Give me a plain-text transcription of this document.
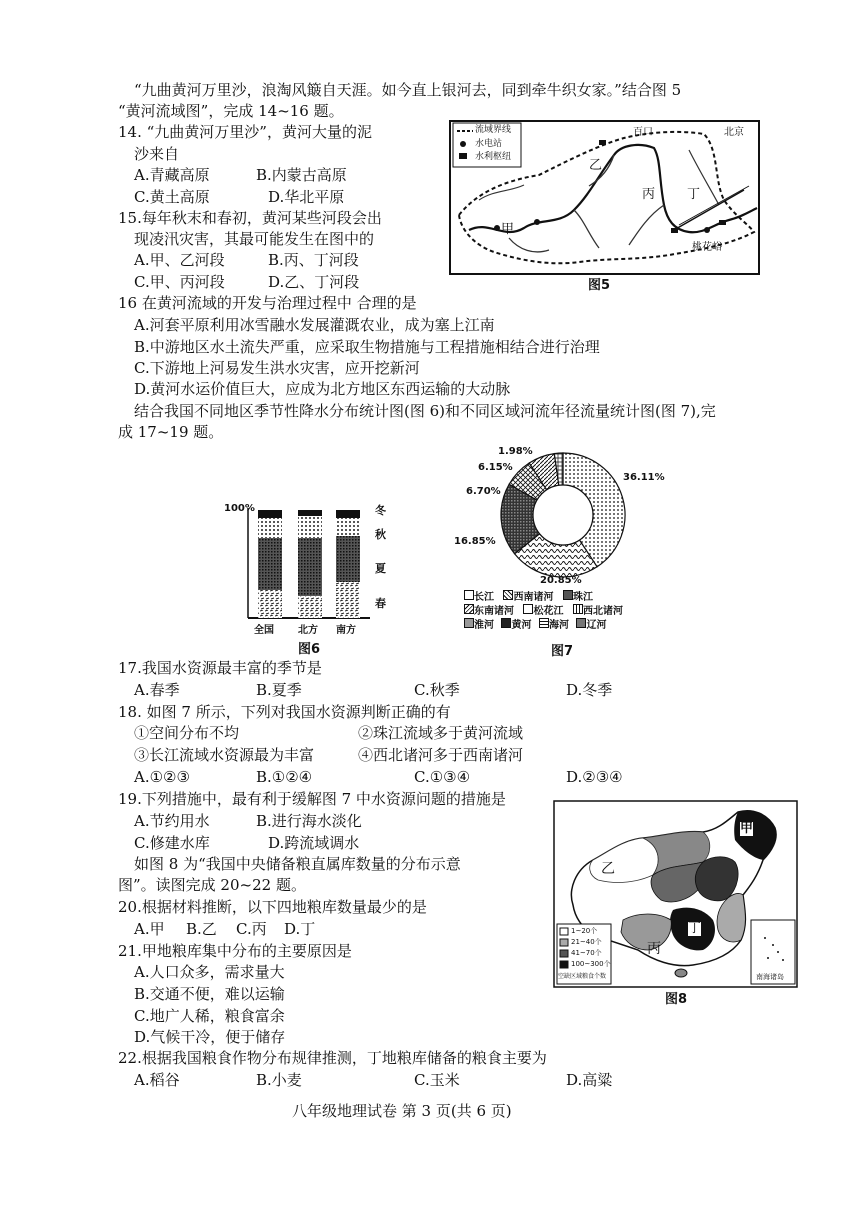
“九曲黄河万里沙，浪淘风簸自天涯。如今直上银河去，同到牵牛织女家。”结合图 5
“黄河流域图”，完成 14~16 题。
14. “九曲黄河万里沙”，黄河大量的泥
沙来自
A.青藏高原	B.内蒙古高原
C.黄土高原	D.华北平原
15.每年秋末和春初，黄河某些河段会出
现凌汛灾害，其最可能发生在图中的
A.甲、乙河段	B.丙、丁河段
C.甲、丙河段	D.乙、丁河段
流域界线
水电站
水利枢纽
百口	北京
桃花峪
甲
乙
丙 丁
图5
16 在黄河流域的开发与治理过程中 合理的是
A.河套平原利用冰雪融水发展灌溉农业，成为塞上江南
B.中游地区水土流失严重，应采取生物措施与工程措施相结合进行治理
C.下游地上河易发生洪水灾害，应开挖新河
D.黄河水运价值巨大，应成为北方地区东西运输的大动脉
结合我国不同地区季节性降水分布统计图(图 6)和不同区域河流年径流量统计图(图 7),完
成 17~19 题。
100%	冬
秋
夏
春
全国 北方 南方
图6
1.98%
6.15%
6.70%
16.85%
20.85%
36.11%
长江 西南诸河 珠江
东南诸河 松花江 西北诸河
淮河 黄河 海河 辽河
图7
17.我国水资源最丰富的季节是
A.春季	B.夏季	C.秋季	D.冬季
18. 如图 7 所示，下列对我国水资源判断正确的有
①空间分布不均	②珠江流域多于黄河流域
③长江流域水资源最为丰富	④西北诸河多于西南诸河
A.①②③	B.①②④	C.①③④	D.②③④
19.下列措施中，最有利于缓解图 7 中水资源问题的措施是
A.节约用水	B.进行海水淡化
C.修建水库	D.跨流域调水
如图 8 为“我国中央储备粮直属库数量的分布示意
图”。读图完成 20~22 题。
甲
乙
丙
丁
1~20个
21~40个
41~70个
100~300个
空缺区域粮食个数	南海诸岛
图8
20.根据材料推断，以下四地粮库数量最少的是
A.甲 B.乙 C.丙 D.丁
21.甲地粮库集中分布的主要原因是
A.人口众多，需求量大
B.交通不便，难以运输
C.地广人稀，粮食富余
D.气候干冷，便于储存
22.根据我国粮食作物分布规律推测，丁地粮库储备的粮食主要为
A.稻谷	B.小麦	C.玉米	D.高粱
八年级地理试卷 第 3 页(共 6 页)
